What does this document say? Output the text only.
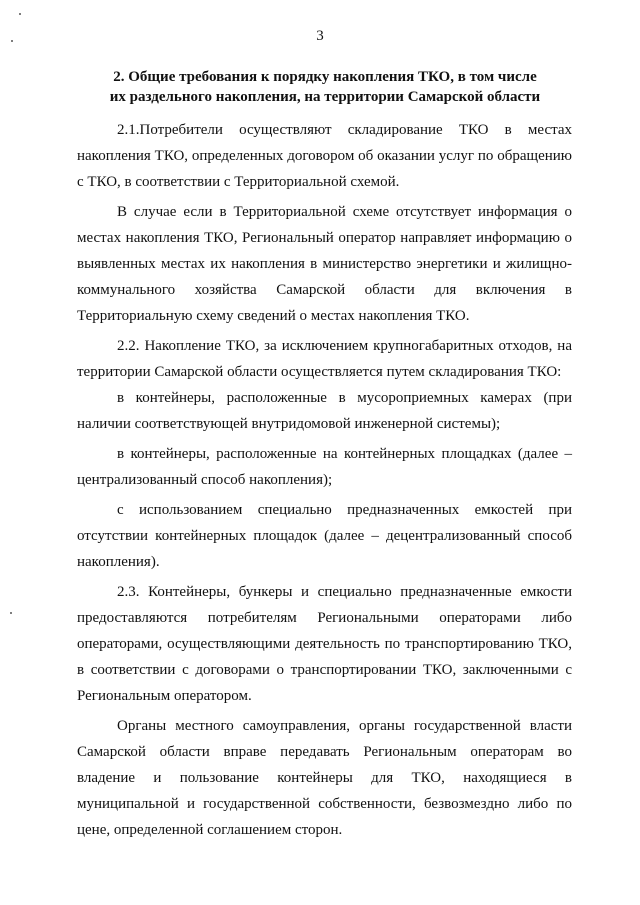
3
2. Общие требования к порядку накопления ТКО, в том числе
их раздельного накопления, на территории Самарской области

2.1.Потребители осуществляют складирование ТКО в местах накопления ТКО, определенных договором об оказании услуг по обращению с ТКО, в соответствии с Территориальной схемой.

В случае если в Территориальной схеме отсутствует информация о местах накопления ТКО, Региональный оператор направляет информацию о выявленных местах их накопления в министерство энергетики и жилищно-коммунального хозяйства Самарской области для включения в Территориальную схему сведений о местах накопления ТКО.

2.2. Накопление ТКО, за исключением крупногабаритных отходов, на территории Самарской области осуществляется путем складирования ТКО:

в контейнеры, расположенные в мусороприемных камерах (при наличии соответствующей внутридомовой инженерной системы);

в контейнеры, расположенные на контейнерных площадках (далее – централизованный способ накопления);

с использованием специально предназначенных емкостей при отсутствии контейнерных площадок (далее – децентрализованный способ накопления).

2.3. Контейнеры, бункеры и специально предназначенные емкости предоставляются потребителям Региональными операторами либо операторами, осуществляющими деятельность по транспортированию ТКО, в соответствии с договорами о транспортировании ТКО, заключенными с Региональным оператором.

Органы местного самоуправления, органы государственной власти Самарской области вправе передавать Региональным операторам во владение и пользование контейнеры для ТКО, находящиеся в муниципальной и государственной собственности, безвозмездно либо по цене, определенной соглашением сторон.
